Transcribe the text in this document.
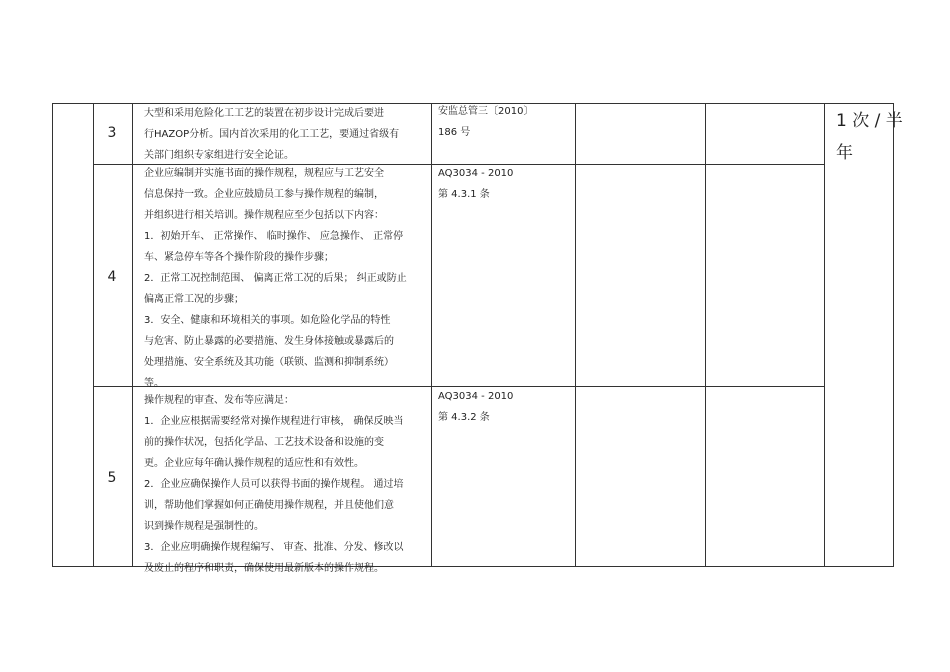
3
大型和采用危险化工工艺的装置在初步设计完成后要进
行HAZOP分析。国内首次采用的化工工艺，要通过省级有
关部门组织专家组进行安全论证。
安监总管三〔2010〕
186 号
4
企业应编制并实施书面的操作规程，规程应与工艺安全
信息保持一致。企业应鼓励员工参与操作规程的编制，
并组织进行相关培训。操作规程应至少包括以下内容：
1．初始开车、 正常操作、 临时操作、 应急操作、 正常停
车、紧急停车等各个操作阶段的操作步骤；
2．正常工况控制范围、 偏离正常工况的后果； 纠正或防止
偏离正常工况的步骤；
3．安全、健康和环境相关的事项。如危险化学品的特性
与危害、防止暴露的必要措施、发生身体接触或暴露后的
处理措施、安全系统及其功能（联锁、监测和抑制系统）
等。
AQ3034 - 2010
第 4.3.1 条
5
操作规程的审查、发布等应满足：
1．企业应根据需要经常对操作规程进行审核， 确保反映当
前的操作状况，包括化学品、工艺技术设备和设施的变
更。企业应每年确认操作规程的适应性和有效性。
2．企业应确保操作人员可以获得书面的操作规程。 通过培
训，帮助他们掌握如何正确使用操作规程，并且使他们意
识到操作规程是强制性的。
3．企业应明确操作规程编写、 审查、批准、分发、修改以
及废止的程序和职责，确保使用最新版本的操作规程。
AQ3034 - 2010
第 4.3.2 条
1 次 / 半
年
